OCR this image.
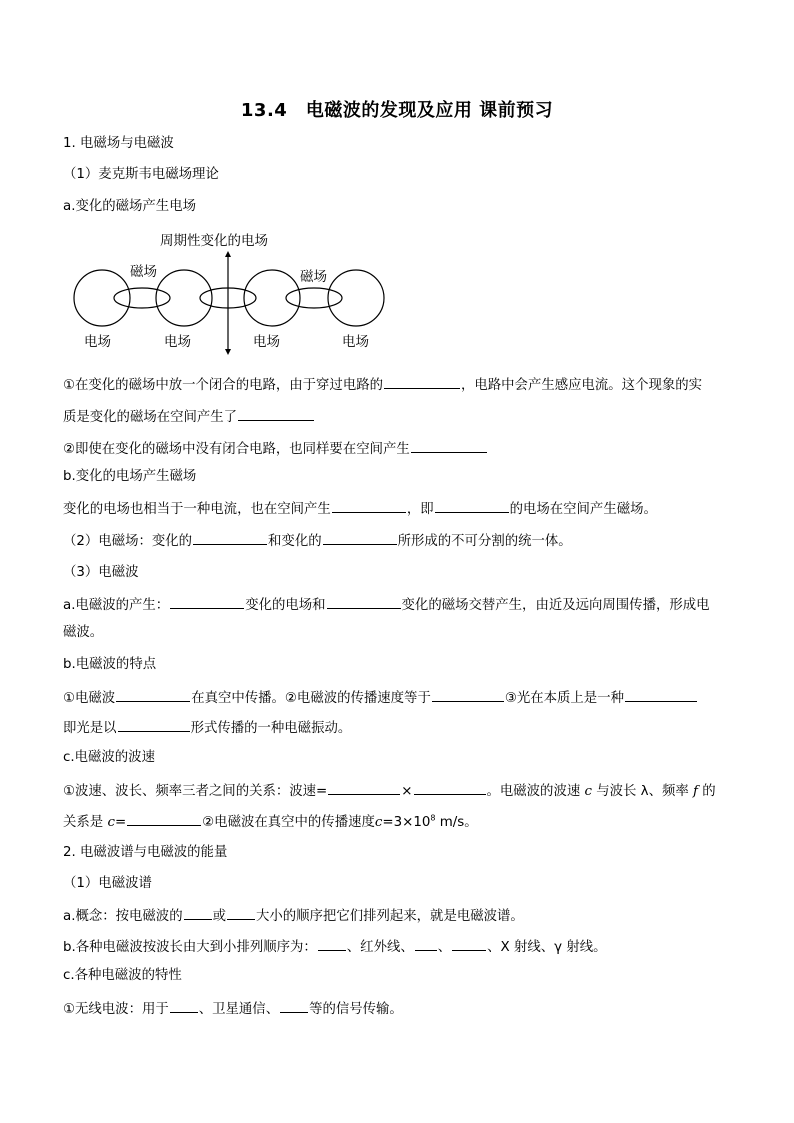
13.4　电磁波的发现及应用 课前预习
1. 电磁场与电磁波
（1）麦克斯韦电磁场理论
a.变化的磁场产生电场
周期性变化的电场
磁场	磁场
电场	电场	电场	电场
①在变化的磁场中放一个闭合的电路，由于穿过电路的	，电路中会产生感应电流。这个现象的实
质是变化的磁场在空间产生了
②即使在变化的磁场中没有闭合电路，也同样要在空间产生
b.变化的电场产生磁场
变化的电场也相当于一种电流，也在空间产生	，即	的电场在空间产生磁场。
（2）电磁场：变化的	和变化的	所形成的不可分割的统一体。
（3）电磁波
a.电磁波的产生：	变化的电场和	变化的磁场交替产生，由近及远向周围传播，形成电
磁波。
b.电磁波的特点
①电磁波	在真空中传播。②电磁波的传播速度等于	③光在本质上是一种
即光是以	形式传播的一种电磁振动。
c.电磁波的波速
①波速、波长、频率三者之间的关系：波速=	×	。电磁波的波速 c 与波长 λ、频率 f 的
关系是 c=	②电磁波在真空中的传播速度$c=3\times 10^8$ m/s。
2. 电磁波谱与电磁波的能量
（1）电磁波谱
a.概念：按电磁波的 或 大小的顺序把它们排列起来，就是电磁波谱。
b.各种电磁波按波长由大到小排列顺序为： 、红外线、 、	、X 射线、γ 射线。
c.各种电磁波的特性
①无线电波：用于 、卫星通信、 等的信号传输。
